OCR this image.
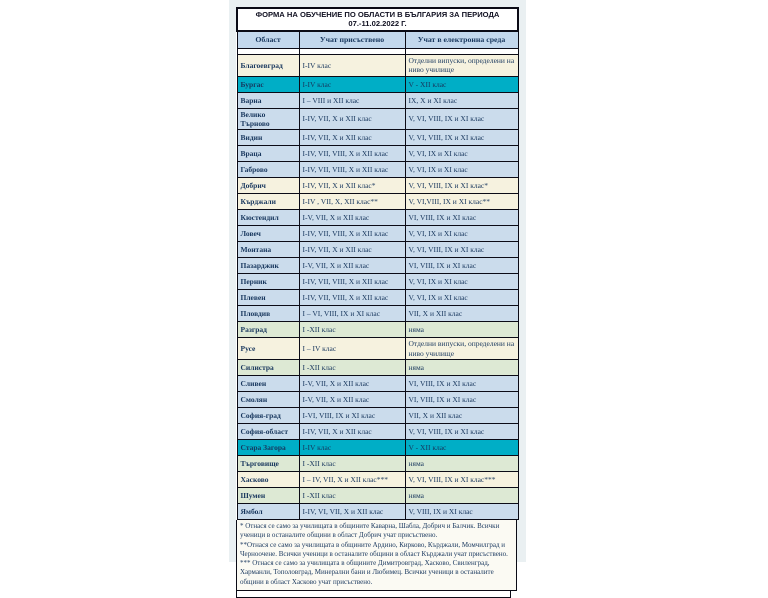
ФОРМА НА ОБУЧЕНИЕ ПО ОБЛАСТИ В БЪЛГАРИЯ ЗА ПЕРИОДА 07.-11.02.2022 Г.		
Област	Учат присъствено	Учат в електронна среда

Благоевград	I-IV клас	Отделни випуски, определени на ниво училище
Бургас	I-IV клас	V - XII клас
Варна	I – VIII и XII клас	IX, X и XI клас
Велико Търново	I-IV, VII, X и XII клас	V, VI, VIII, IX и XI клас
Видин	I-IV, VII, X и XII клас	V, VI, VIII, IX и XI клас
Враца	I-IV, VII, VIII, X и XII клас	V, VI, IX и XI клас
Габрово	I-IV, VII, VIII, X и XII клас	V, VI, IX и XI клас
Добрич	I-IV, VII, X и XII клас*	V, VI, VIII, IX и XI клас*
Кърджали	I-IV , VII, X, XII клас**	V, VI,VIII, IX и XI клас**
Кюстендил	I-V, VII, X и XII клас	VI, VIII, IX и XI клас
Ловеч	I-IV, VII, VIII, X и XII клас	V, VI, IX и XI клас
Монтана	I-IV, VII, X и XII клас	V, VI, VIII, IX и XI клас
Пазарджик	I-V, VII, X и XII клас	VI, VIII, IX и XI клас
Перник	I-IV, VII, VIII, X и XII клас	V, VI, IX и XI клас
Плевен	I-IV, VII, VIII, X и XII клас	V, VI, IX и XI клас
Пловдив	I – VI, VIII, IX и XI клас	VII, X и XII клас
Разград	I -XII клас	няма
Русе	I – IV клас	Отделни випуски, определени на ниво училище
Силистра	I -XII клас	няма
Сливен	I-V, VII, X и XII клас	VI, VIII, IX и XI клас
Смолян	I-V, VII, X и XII клас	VI, VIII, IX и XI клас
София-град	I-VI, VIII, IX и XI клас	VII, X и XII клас
София-област	I-IV, VII, X и XII клас	V, VI, VIII, IX и XI клас
Стара Загора	I-IV клас	V - XII клас
Търговище	I -XII клас	няма
Хасково	I – IV, VII, X и XII клас***	V, VI, VIII, IX и XI клас***
Шумен	I -XII клас	няма
Ямбол	I-IV, VI, VII, X и XII клас	V, VIII, IX и XI клас

* Отнася се само за училищата в общините Каварна, Шабла, Добрич и Балчик. Всички ученици в останалите общини в област Добрич учат присъствено.

**Отнася се само за училищата в общините Ардино, Кирково, Кърджали, Момчилград и Черноочене. Всички ученици в останалите общини в област Кърджали учат присъствено.

*** Отнася се само за училищата в общините Димитровград, Хасково, Свиленград, Харманли, Тополовград, Минерални бани и Любимец. Всички ученици в останалите общини в област Хасково учат присъствено.
